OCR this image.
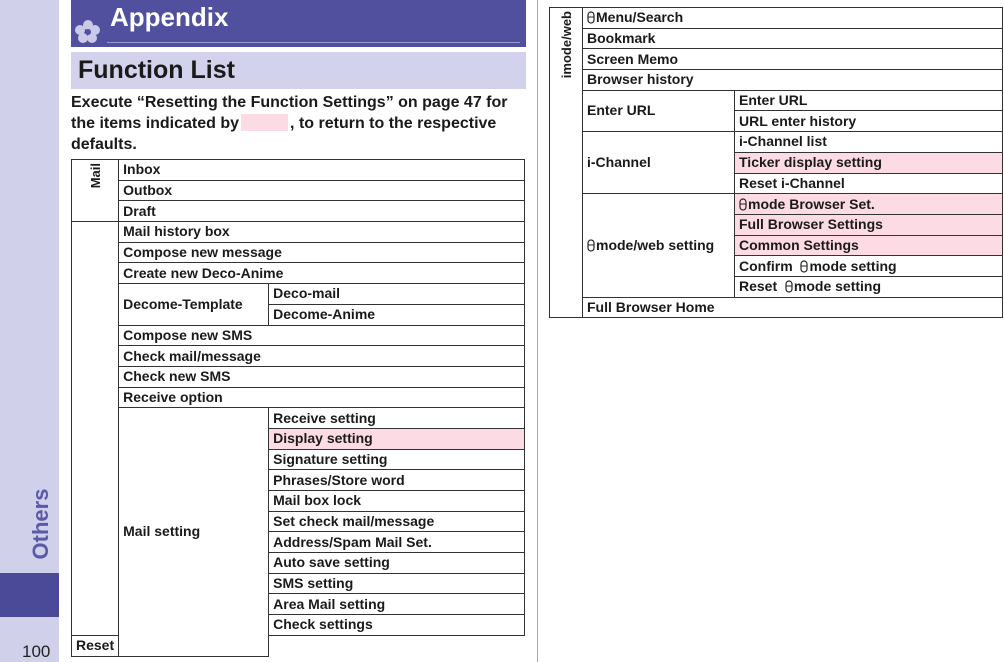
Others
100
Appendix
Function List
Execute “Resetting the Function Settings” on page 47 for the items indicated by	, to return to the respective defaults.
Mail	Inbox	
	Outbox	
	Draft	
	Mail history box	
	Compose new message	
	Create new Deco-Anime	
	Decome-Template	Deco-mail
		Decome-Anime
	Compose new SMS	
	Check mail/message	
	Check new SMS	
	Receive option	
	Mail setting	Receive setting
		Display setting
		Signature setting
		Phrases/Store word
		Mail box lock
		Set check mail/message
		Address/Spam Mail Set.
		Auto save setting
		SMS setting
		Area Mail setting
		Check settings
Reset		
imode/web	Menu/Search	
	Bookmark	
	Screen Memo	
	Browser history	
	Enter URL	Enter URL
		URL enter history
	i-Channel	i-Channel list
		Ticker display setting
		Reset i-Channel
	mode/web setting	mode Browser Set.
		Full Browser Settings
		Common Settings
		Confirm mode setting
		Reset mode setting
	Full Browser Home	
